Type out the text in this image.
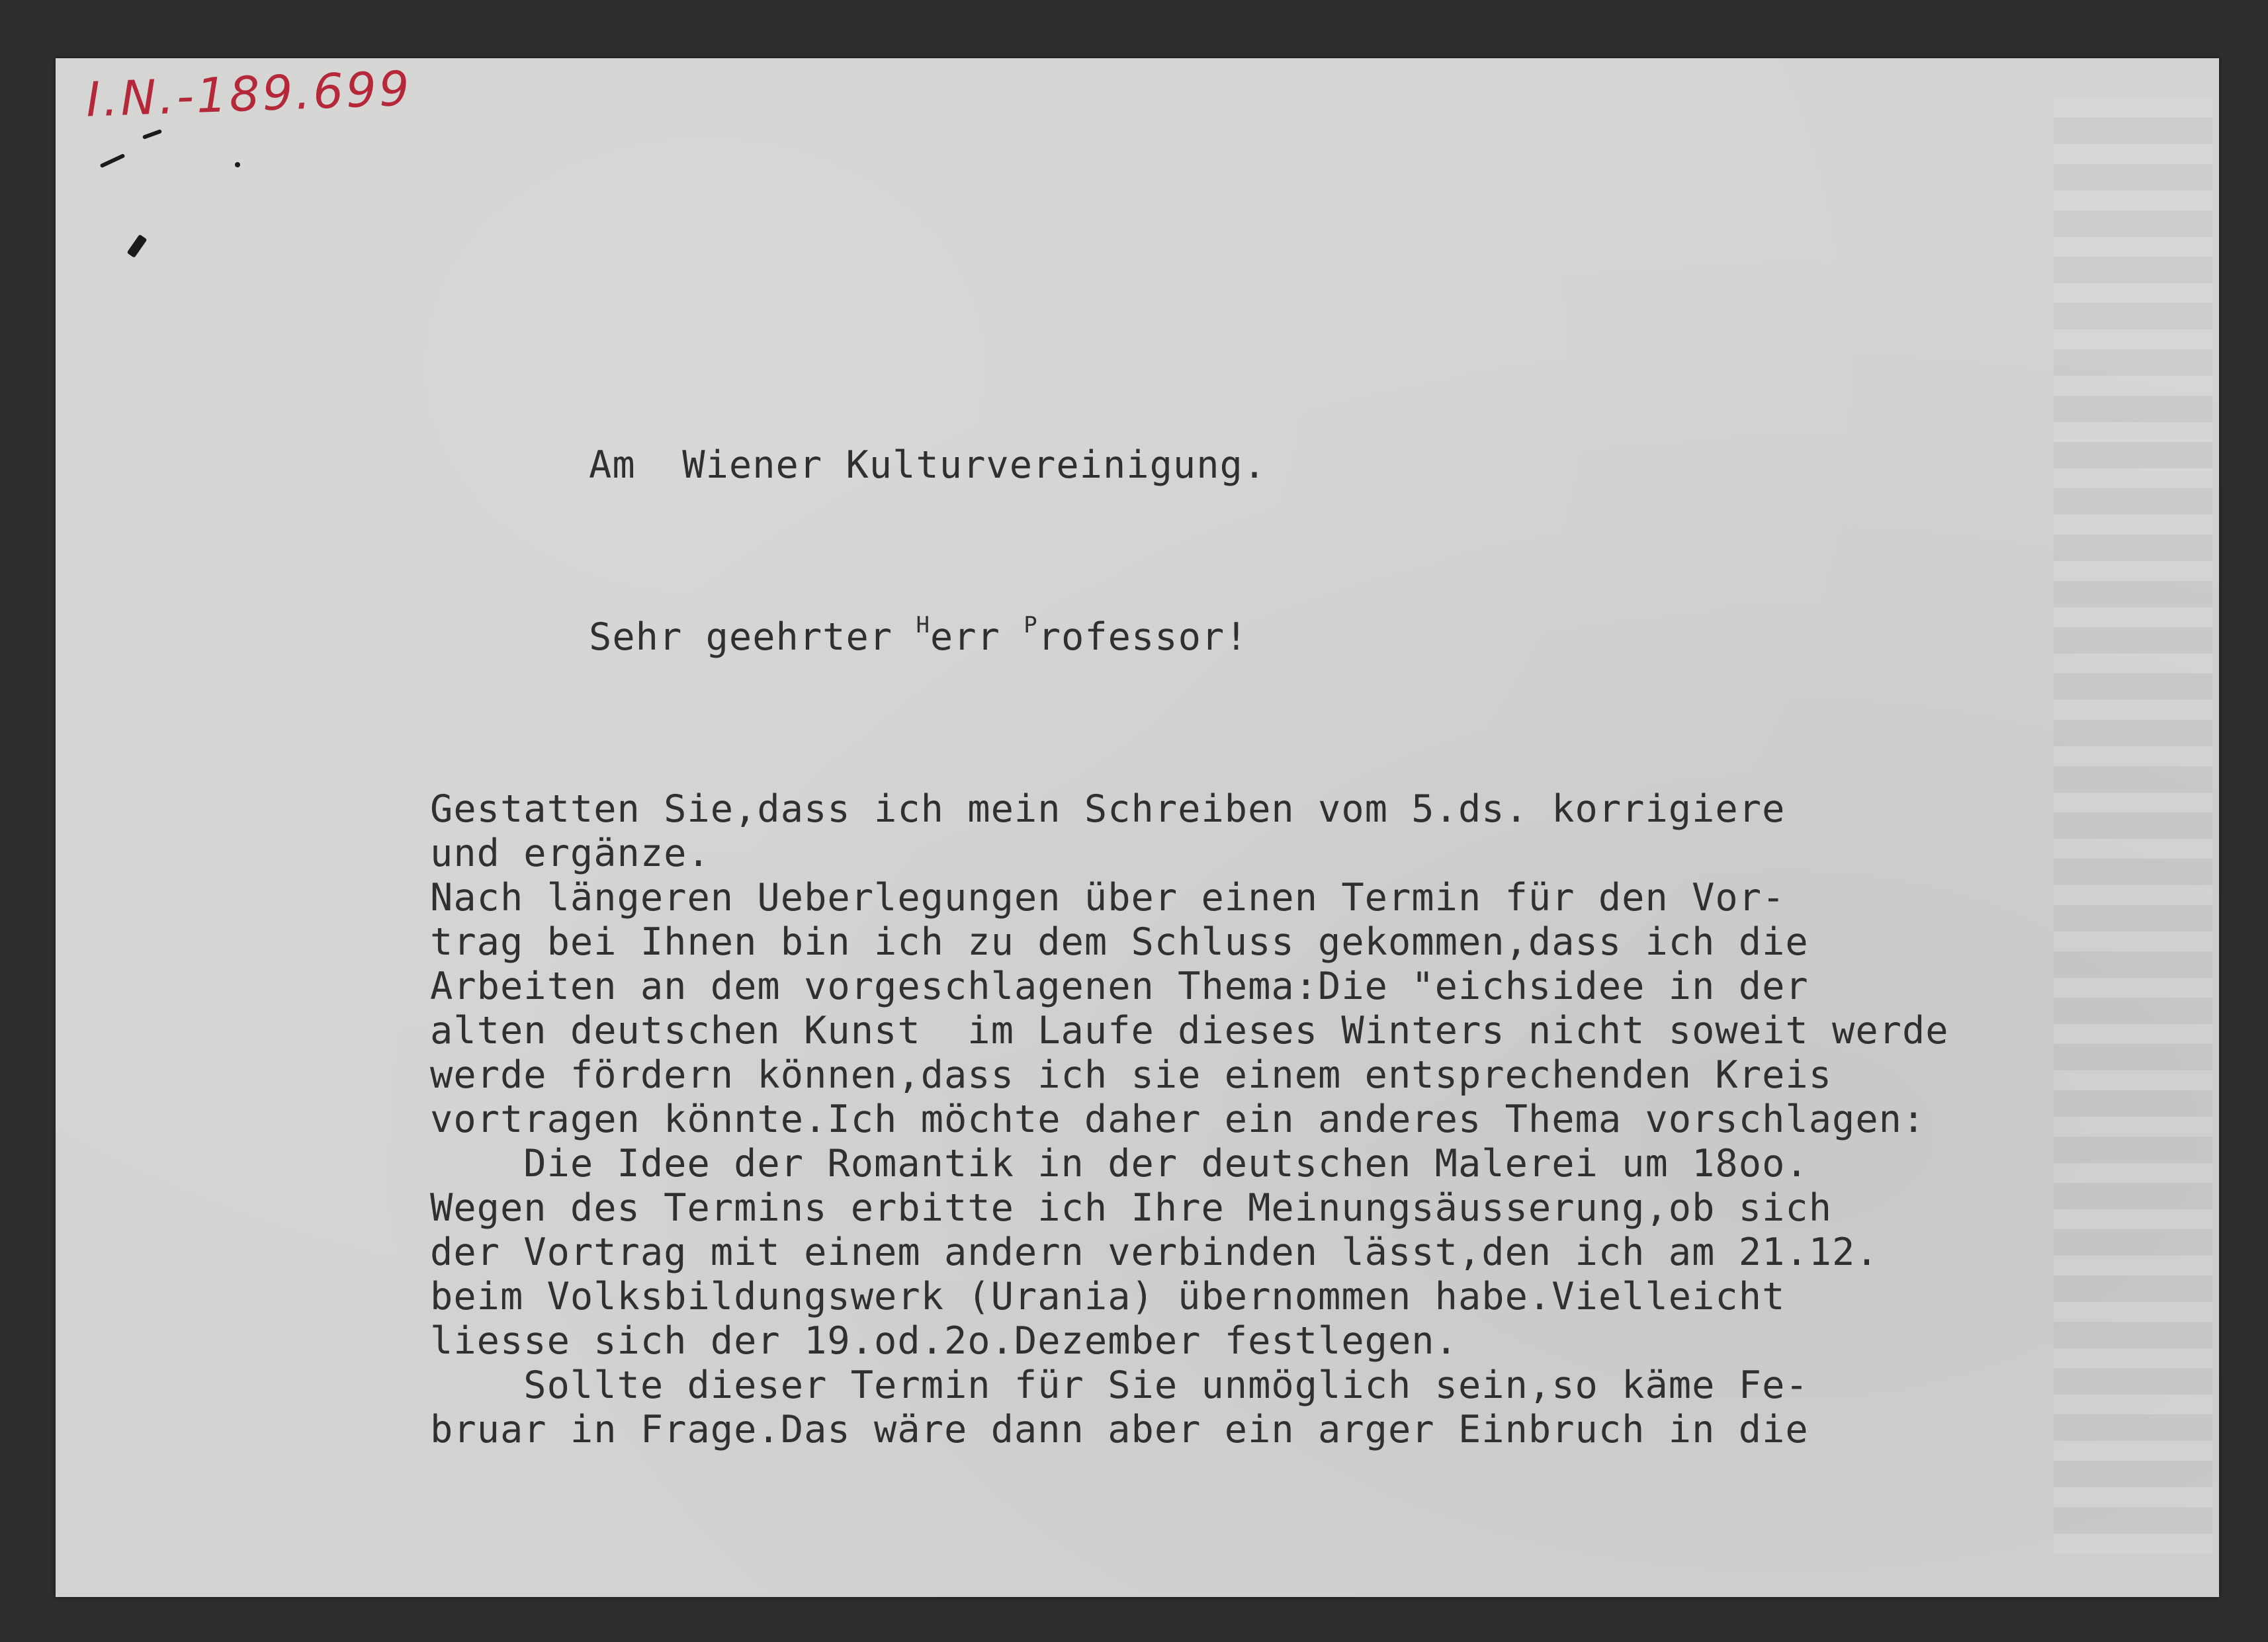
I.N.-189.699
Am  Wiener Kulturvereinigung.
Sehr geehrter $^H$err $^P$rofessor!
Gestatten Sie,dass ich mein Schreiben vom 5.ds. korrigiere
und ergänze.
Nach längeren Ueberlegungen über einen Termin für den Vor-
trag bei Ihnen bin ich zu dem Schluss gekommen,dass ich die
Arbeiten an dem vorgeschlagenen Thema:Die "eichsidee in der
alten deutschen Kunst  im Laufe dieses Winters nicht soweit werde
werde fördern können,dass ich sie einem entsprechenden Kreis
vortragen könnte.Ich möchte daher ein anderes Thema vorschlagen:
Die Idee der Romantik in der deutschen Malerei um 18oo.
Wegen des Termins erbitte ich Ihre Meinungsäusserung,ob sich
der Vortrag mit einem andern verbinden lässt,den ich am 21.12.
beim Volksbildungswerk (Urania) übernommen habe.Vielleicht
liesse sich der 19.od.2o.Dezember festlegen.
Sollte dieser Termin für Sie unmöglich sein,so käme Fe-
bruar in Frage.Das wäre dann aber ein arger Einbruch in die
